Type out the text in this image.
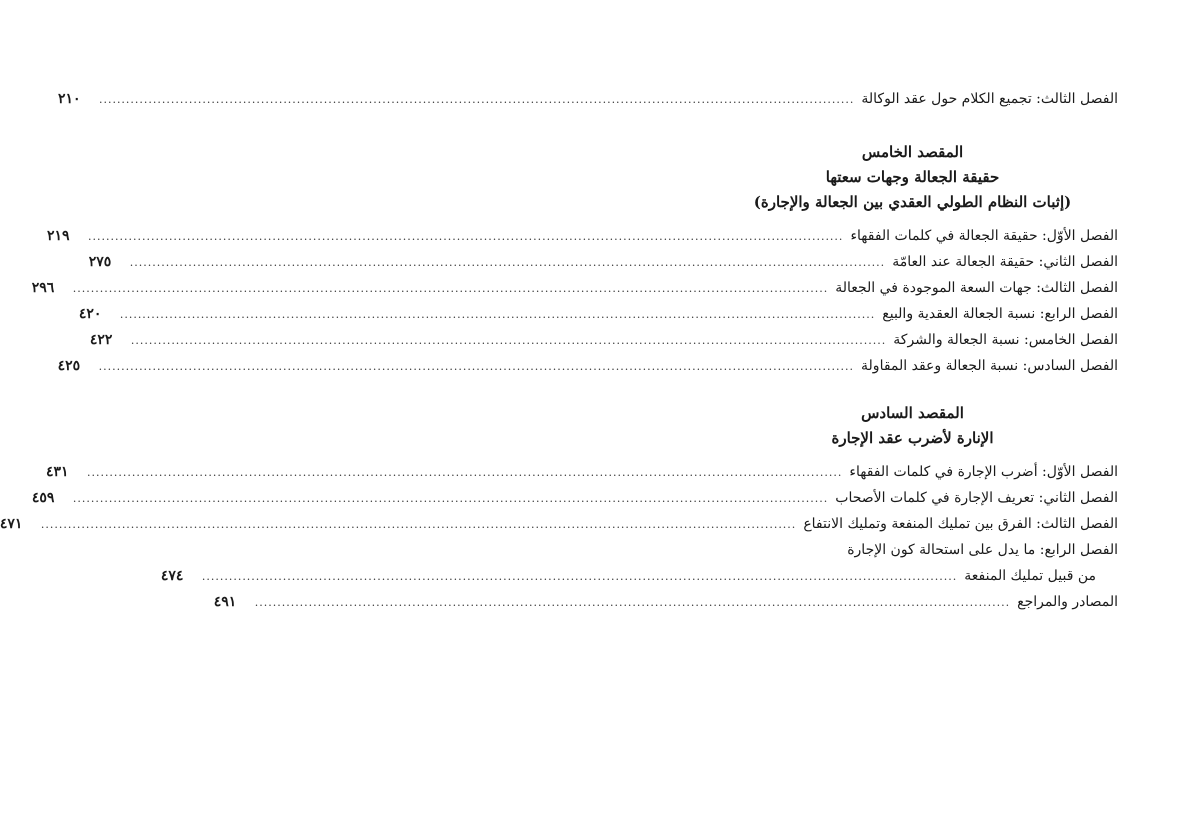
الفصل الثالث: تجميع الكلام حول عقد الوكالة
........................................................................................................................................................................
٢١٠
المقصد الخامس
حقيقة الجعالة وجهات سعتها
(إثبات النظام الطولي العقدي بين الجعالة والإجارة)
الفصل الأوّل: حقيقة الجعالة في كلمات الفقهاء
........................................................................................................................................................................
٢١٩
الفصل الثاني: حقيقة الجعالة عند العامّة
........................................................................................................................................................................
٢٧٥
الفصل الثالث: جهات السعة الموجودة في الجعالة
........................................................................................................................................................................
٢٩٦
الفصل الرابع: نسبة الجعالة العقدية والبيع
........................................................................................................................................................................
٤٢٠
الفصل الخامس: نسبة الجعالة والشركة
........................................................................................................................................................................
٤٢٢
الفصل السادس: نسبة الجعالة وعقد المقاولة
........................................................................................................................................................................
٤٢٥
المقصد السادس
الإنارة لأضرب عقد الإجارة
الفصل الأوّل: أضرب الإجارة في كلمات الفقهاء
........................................................................................................................................................................
٤٣١
الفصل الثاني: تعريف الإجارة في كلمات الأصحاب
........................................................................................................................................................................
٤٥٩
الفصل الثالث: الفرق بين تمليك المنفعة وتمليك الانتفاع
........................................................................................................................................................................
٤٧١
الفصل الرابع: ما يدل على استحالة كون الإجارة
من قبيل تمليك المنفعة
........................................................................................................................................................................
٤٧٤
المصادر والمراجع
........................................................................................................................................................................
٤٩١
